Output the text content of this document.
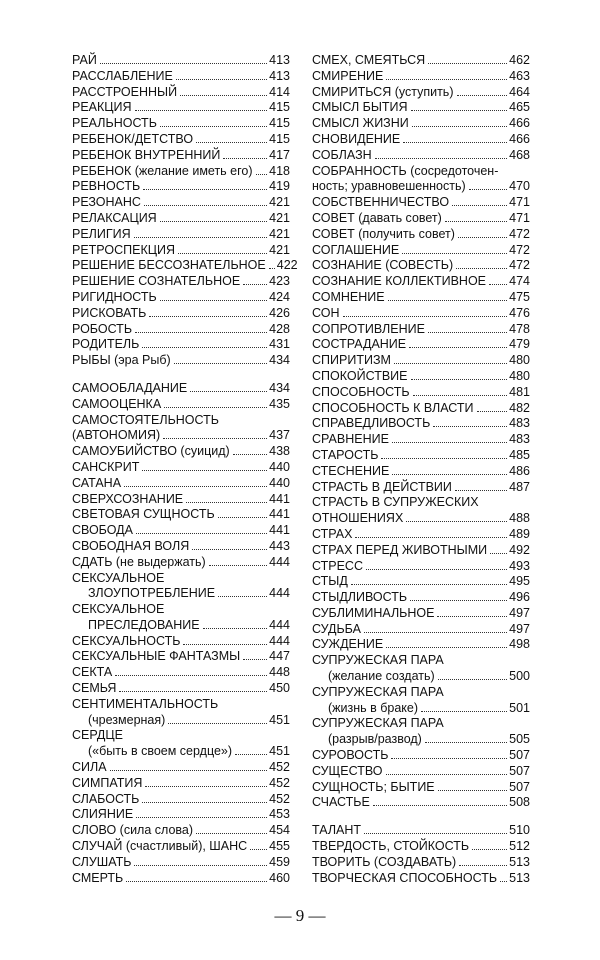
РАЙ	413
РАССЛАБЛЕНИЕ	413
РАССТРОЕННЫЙ	414
РЕАКЦИЯ	415
РЕАЛЬНОСТЬ	415
РЕБЕНОК/ДЕТСТВО	415
РЕБЕНОК ВНУТРЕННИЙ	417
РЕБЕНОК (желание иметь его) 418
РЕВНОСТЬ	419
РЕЗОНАНС	421
РЕЛАКСАЦИЯ	421
РЕЛИГИЯ	421
РЕТРОСПЕКЦИЯ	421
РЕШЕНИЕ БЕССОЗНАТЕЛЬНОЕ 422
РЕШЕНИЕ СОЗНАТЕЛЬНОЕ 423
РИГИДНОСТЬ	424
РИСКОВАТЬ	426
РОБОСТЬ	428
РОДИТЕЛЬ	431
РЫБЫ (эра Рыб)	434
САМООБЛАДАНИЕ	434
САМООЦЕНКА	435
САМОСТОЯТЕЛЬНОСТЬ
(АВТОНОМИЯ)	437
САМОУБИЙСТВО (суицид)	438
САНСКРИТ	440
САТАНА	440
СВЕРХСОЗНАНИЕ	441
СВЕТОВАЯ СУЩНОСТЬ	441
СВОБОДА	441
СВОБОДНАЯ ВОЛЯ	443
СДАТЬ (не выдержать)	444
СЕКСУАЛЬНОЕ
ЗЛОУПОТРЕБЛЕНИЕ	444
СЕКСУАЛЬНОЕ
ПРЕСЛЕДОВАНИЕ	444
СЕКСУАЛЬНОСТЬ	444
СЕКСУАЛЬНЫЕ ФАНТАЗМЫ 447
СЕКТА	448
СЕМЬЯ	450
СЕНТИМЕНТАЛЬНОСТЬ
(чрезмерная)	451
СЕРДЦЕ
(«быть в своем сердце»)	451
СИЛА	452
СИМПАТИЯ	452
СЛАБОСТЬ	452
СЛИЯНИЕ	453
СЛОВО (сила слова)	454
СЛУЧАЙ (счастливый), ШАНС 455
СЛУШАТЬ	459
СМЕРТЬ	460
СМЕХ, СМЕЯТЬСЯ	462
СМИРЕНИЕ	463
СМИРИТЬСЯ (уступить)	464
СМЫСЛ БЫТИЯ	465
СМЫСЛ ЖИЗНИ	466
СНОВИДЕНИЕ	466
СОБЛАЗН	468
СОБРАННОСТЬ (сосредоточен-
ность; уравновешенность)	470
СОБСТВЕННИЧЕСТВО	471
СОВЕТ (давать совет)	471
СОВЕТ (получить совет)	472
СОГЛАШЕНИЕ	472
СОЗНАНИЕ (СОВЕСТЬ)	472
СОЗНАНИЕ КОЛЛЕКТИВНОЕ 474
СОМНЕНИЕ	475
СОН	476
СОПРОТИВЛЕНИЕ	478
СОСТРАДАНИЕ	479
СПИРИТИЗМ	480
СПОКОЙСТВИЕ	480
СПОСОБНОСТЬ	481
СПОСОБНОСТЬ К ВЛАСТИ	482
СПРАВЕДЛИВОСТЬ	483
СРАВНЕНИЕ	483
СТАРОСТЬ	485
СТЕСНЕНИЕ	486
СТРАСТЬ В ДЕЙСТВИИ	487
СТРАСТЬ В СУПРУЖЕСКИХ
ОТНОШЕНИЯХ	488
СТРАХ	489
СТРАХ ПЕРЕД ЖИВОТНЫМИ 492
СТРЕСС	493
СТЫД	495
СТЫДЛИВОСТЬ	496
СУБЛИМИНАЛЬНОЕ	497
СУДЬБА	497
СУЖДЕНИЕ	498
СУПРУЖЕСКАЯ ПАРА
(желание создать)	500
СУПРУЖЕСКАЯ ПАРА
(жизнь в браке)	501
СУПРУЖЕСКАЯ ПАРА
(разрыв/развод)	505
СУРОВОСТЬ	507
СУЩЕСТВО	507
СУЩНОСТЬ; БЫТИЕ	507
СЧАСТЬЕ	508
ТАЛАНТ	510
ТВЕРДОСТЬ, СТОЙКОСТЬ	512
ТВОРИТЬ (СОЗДАВАТЬ)	513
ТВОРЧЕСКАЯ СПОСОБНОСТЬ 513
— 9 —
